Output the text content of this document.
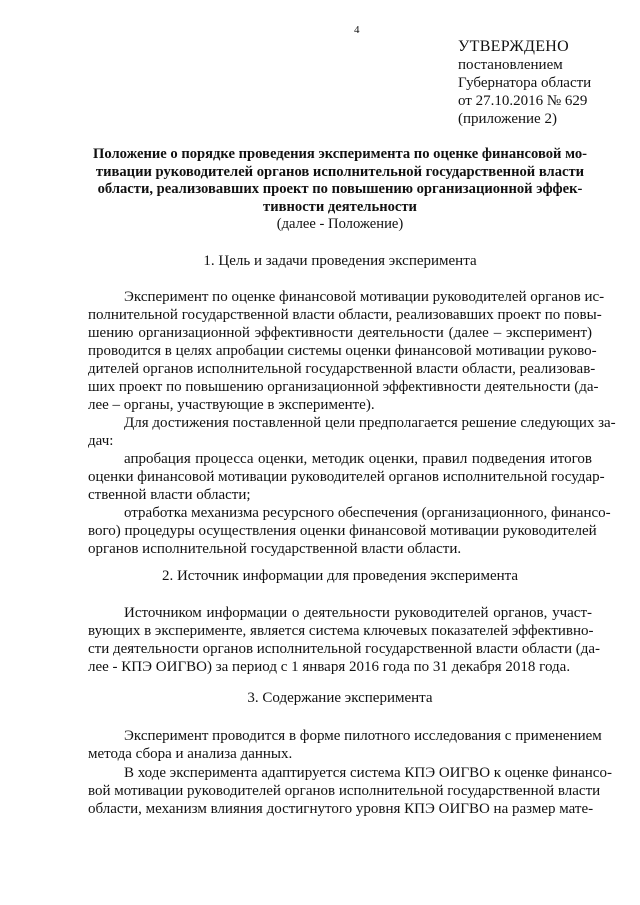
4
УТВЕРЖДЕНО
постановлением
Губернатора области
от 27.10.2016 № 629
(приложение 2)
Положение о порядке проведения эксперимента по оценке финансовой мо-
тивации руководителей органов исполнительной государственной власти
области, реализовавших проект по повышению организационной эффек-
тивности деятельности
(далее - Положение)
1. Цель и задачи проведения эксперимента
Эксперимент по оценке финансовой мотивации руководителей органов ис-
полнительной государственной власти области, реализовавших проект по повы-
шению организационной эффективности деятельности (далее – эксперимент)
проводится в целях апробации системы оценки финансовой мотивации руково-
дителей органов исполнительной государственной власти области, реализовав-
ших проект по повышению организационной эффективности деятельности (да-
лее – органы, участвующие в эксперименте).
Для достижения поставленной цели предполагается решение следующих за-
дач:
апробация процесса оценки, методик оценки, правил подведения итогов
оценки финансовой мотивации руководителей органов исполнительной государ-
ственной власти области;
отработка механизма ресурсного обеспечения (организационного, финансо-
вого) процедуры осуществления оценки финансовой мотивации руководителей
органов исполнительной государственной власти области.
2. Источник информации для проведения эксперимента
Источником информации о деятельности руководителей органов, участ-
вующих в эксперименте, является система ключевых показателей эффективно-
сти деятельности органов исполнительной государственной власти области (да-
лее - КПЭ ОИГВО) за период с 1 января 2016 года по 31 декабря 2018 года.
3. Содержание эксперимента
Эксперимент проводится в форме пилотного исследования с применением
метода сбора и анализа данных.
В ходе эксперимента адаптируется система КПЭ ОИГВО к оценке финансо-
вой мотивации руководителей органов исполнительной государственной власти
области, механизм влияния достигнутого уровня КПЭ ОИГВО на размер мате-
